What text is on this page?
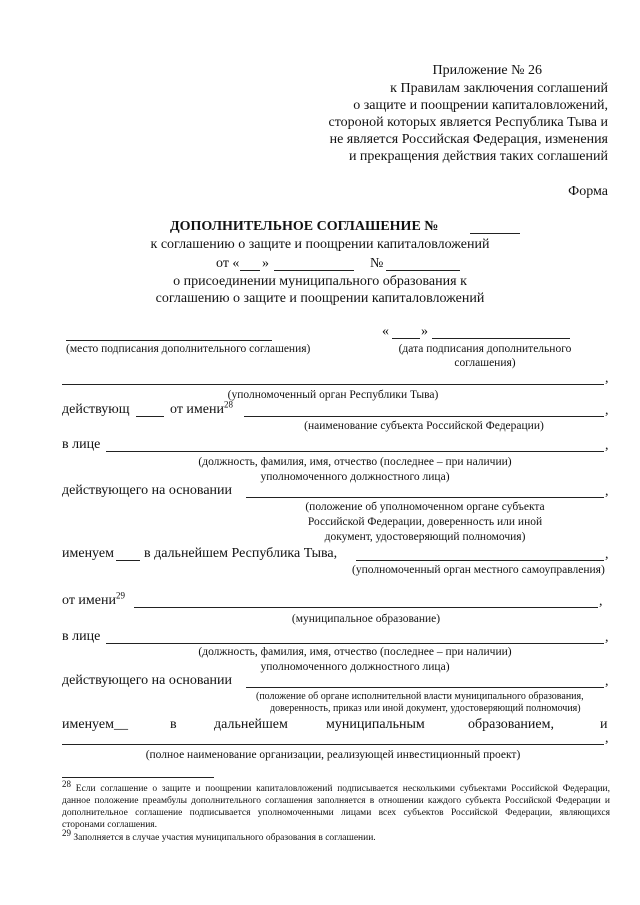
Приложение № 26
к Правилам заключения соглашений
о защите и поощрении капиталовложений,
стороной которых является Республика Тыва и
не является Российская Федерация, изменения
и прекращения действия таких соглашений
Форма
ДОПОЛНИТЕЛЬНОЕ СОГЛАШЕНИЕ №
к соглашению о защите и поощрении капиталовложений
от « »	№
о присоединении муниципального образования к
соглашению о защите и поощрении капиталовложений
(место подписания дополнительного соглашения)
« »
(дата подписания дополнительного соглашения)
,
(уполномоченный орган Республики Тыва)
действующ	от имени$^{28}$	,
(наименование субъекта Российской Федерации)
в лице	,
(должность, фамилия, имя, отчество (последнее – при наличии)
уполномоченного должностного лица)
действующего на основании	,
(положение об уполномоченном органе субъекта
Российской Федерации, доверенность или иной
документ, удостоверяющий полномочия)
именуем в дальнейшем Республика Тыва,	,
(уполномоченный орган местного самоуправления)
от имени$^{29}$	,
(муниципальное образование)
в лице	,
(должность, фамилия, имя, отчество (последнее – при наличии)
уполномоченного должностного лица)
действующего на основании	,
(положение об органе исполнительной власти муниципального образования,
доверенность, приказ или иной документ, удостоверяющий полномочия)
именуем__	в	дальнейшем	муниципальным	образованием,	и
,
(полное наименование организации, реализующей инвестиционный проект)
$^{28}$ Если соглашение о защите и поощрении капиталовложений подписывается несколькими субъектами Российской Федерации, данное положение преамбулы дополнительного соглашения заполняется в отношении каждого субъекта Российской Федерации и дополнительное соглашение подписывается уполномоченными лицами всех субъектов Российской Федерации, являющихся сторонами соглашения.
$^{29}$ Заполняется в случае участия муниципального образования в соглашении.
